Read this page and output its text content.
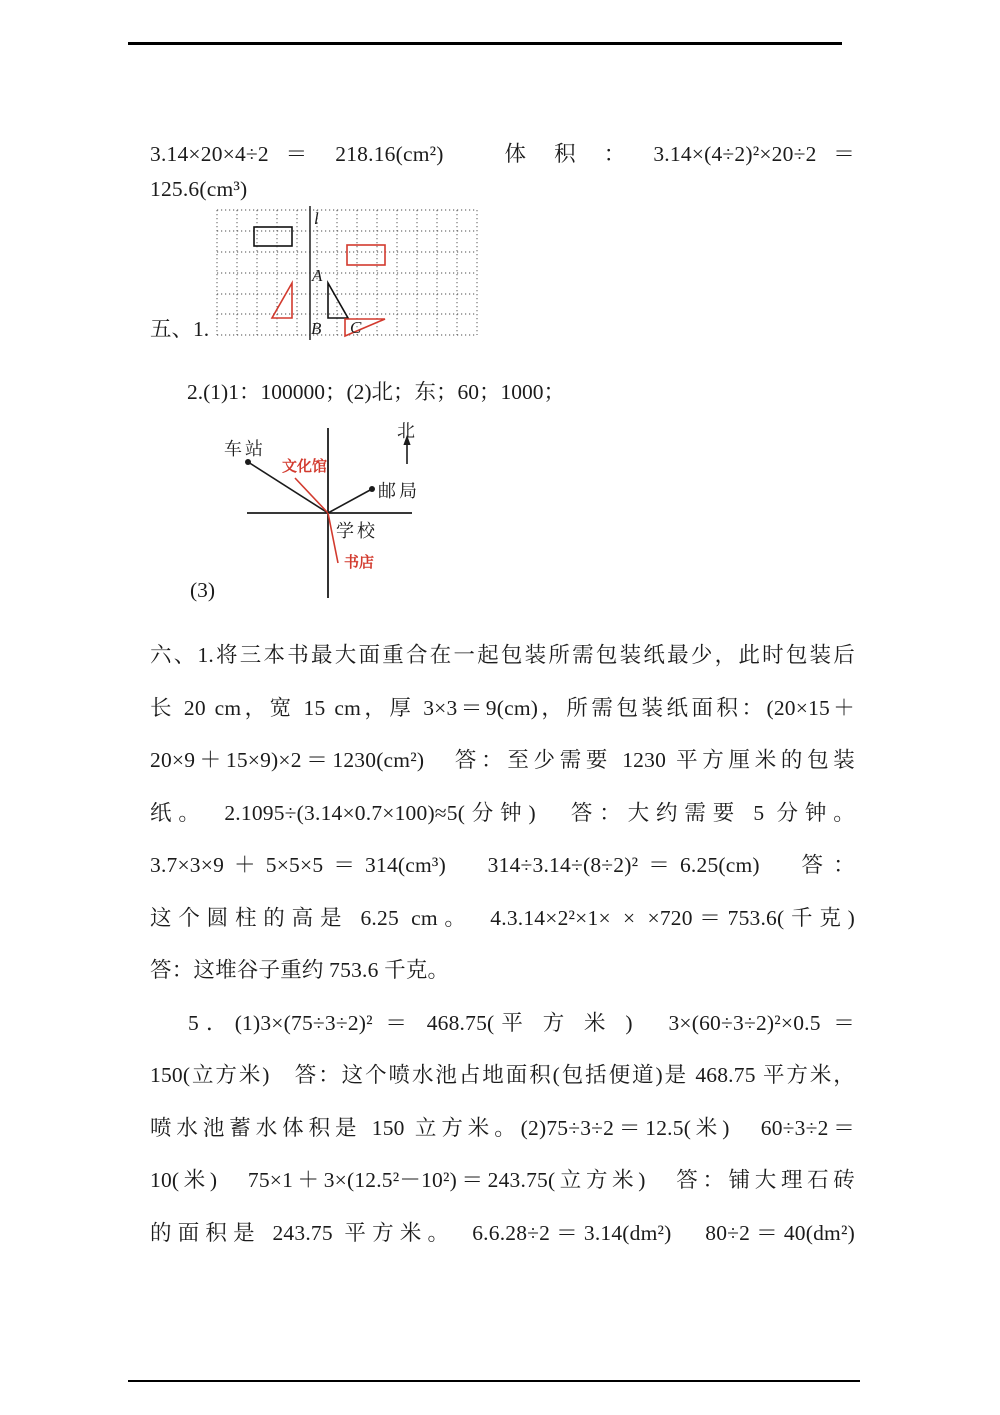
3.14×20×4÷2 ＝ 218.16(cm²)　 体 积 ： 3.14×(4÷2)²×20÷2 ＝
125.6(cm³)
l
A
B C
五、1.
2.(1)1：100000；(2)北；东；60；1000；
北
车站
文化馆
邮局
学校
书店
(3)
六、1.将三本书最大面重合在一起包装所需包装纸最少，此时包装后
长 20 cm，宽 15 cm，厚 3×3＝9(cm)，所需包装纸面积：(20×15＋
20×9＋15×9)×2＝1230(cm²)　答：至少需要 1230 平方厘米的包装
纸。　2.1095÷(3.14×0.7×100)≈5(分钟)　答：大约需要 5 分钟。
3.7×3×9＋5×5×5＝314(cm³)　314÷3.14÷(8÷2)²＝6.25(cm)　答：
这个圆柱的高是 6.25 cm。　4.3.14×2²×1× × ×720＝753.6(千克)
答：这堆谷子重约 753.6 千克。
5．(1)3×(75÷3÷2)² ＝ 468.75(平 方 米 )　3×(60÷3÷2)²×0.5 ＝
150(立方米)　答：这个喷水池占地面积(包括便道)是 468.75 平方米，
喷水池蓄水体积是 150 立方米。(2)75÷3÷2＝12.5(米)　60÷3÷2＝
10(米)　75×1＋3×(12.5²－10²)＝243.75(立方米)　答：铺大理石砖
的面积是 243.75 平方米。　6.6.28÷2＝3.14(dm²)　80÷2＝40(dm²)
